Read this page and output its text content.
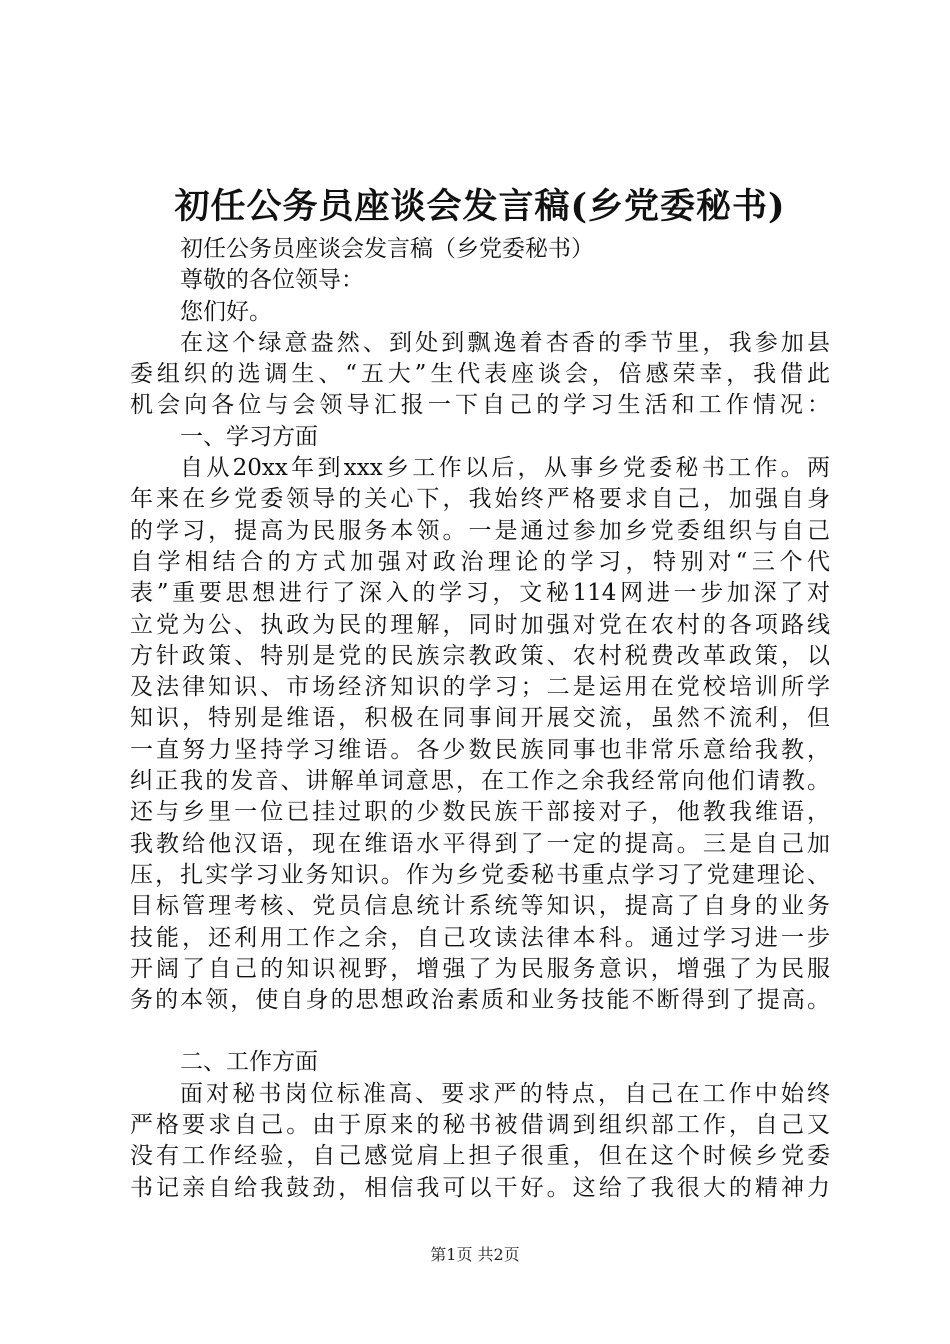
初任公务员座谈会发言稿(乡党委秘书)
初任公务员座谈会发言稿（乡党委秘书）
尊敬的各位领导：
您们好。
在这个绿意盎然、到处到飘逸着杏香的季节里，我参加县
委组织的选调生、“五大”生代表座谈会，倍感荣幸，我借此
机会向各位与会领导汇报一下自己的学习生活和工作情况：
一、学习方面
自从20xx年到xxx乡工作以后，从事乡党委秘书工作。两
年来在乡党委领导的关心下，我始终严格要求自己，加强自身
的学习，提高为民服务本领。一是通过参加乡党委组织与自己
自学相结合的方式加强对政治理论的学习，特别对“三个代
表”重要思想进行了深入的学习，文秘114网进一步加深了对
立党为公、执政为民的理解，同时加强对党在农村的各项路线
方针政策、特别是党的民族宗教政策、农村税费改革政策，以
及法律知识、市场经济知识的学习；二是运用在党校培训所学
知识，特别是维语，积极在同事间开展交流，虽然不流利，但
一直努力坚持学习维语。各少数民族同事也非常乐意给我教，
纠正我的发音、讲解单词意思，在工作之余我经常向他们请教。
还与乡里一位已挂过职的少数民族干部接对子，他教我维语，
我教给他汉语，现在维语水平得到了一定的提高。三是自己加
压，扎实学习业务知识。作为乡党委秘书重点学习了党建理论、
目标管理考核、党员信息统计系统等知识，提高了自身的业务
技能，还利用工作之余，自己攻读法律本科。通过学习进一步
开阔了自己的知识视野，增强了为民服务意识，增强了为民服
务的本领，使自身的思想政治素质和业务技能不断得到了提高。
二、工作方面
面对秘书岗位标准高、要求严的特点，自己在工作中始终
严格要求自己。由于原来的秘书被借调到组织部工作，自己又
没有工作经验，自己感觉肩上担子很重，但在这个时候乡党委
书记亲自给我鼓劲，相信我可以干好。这给了我很大的精神力
第1页 共2页
